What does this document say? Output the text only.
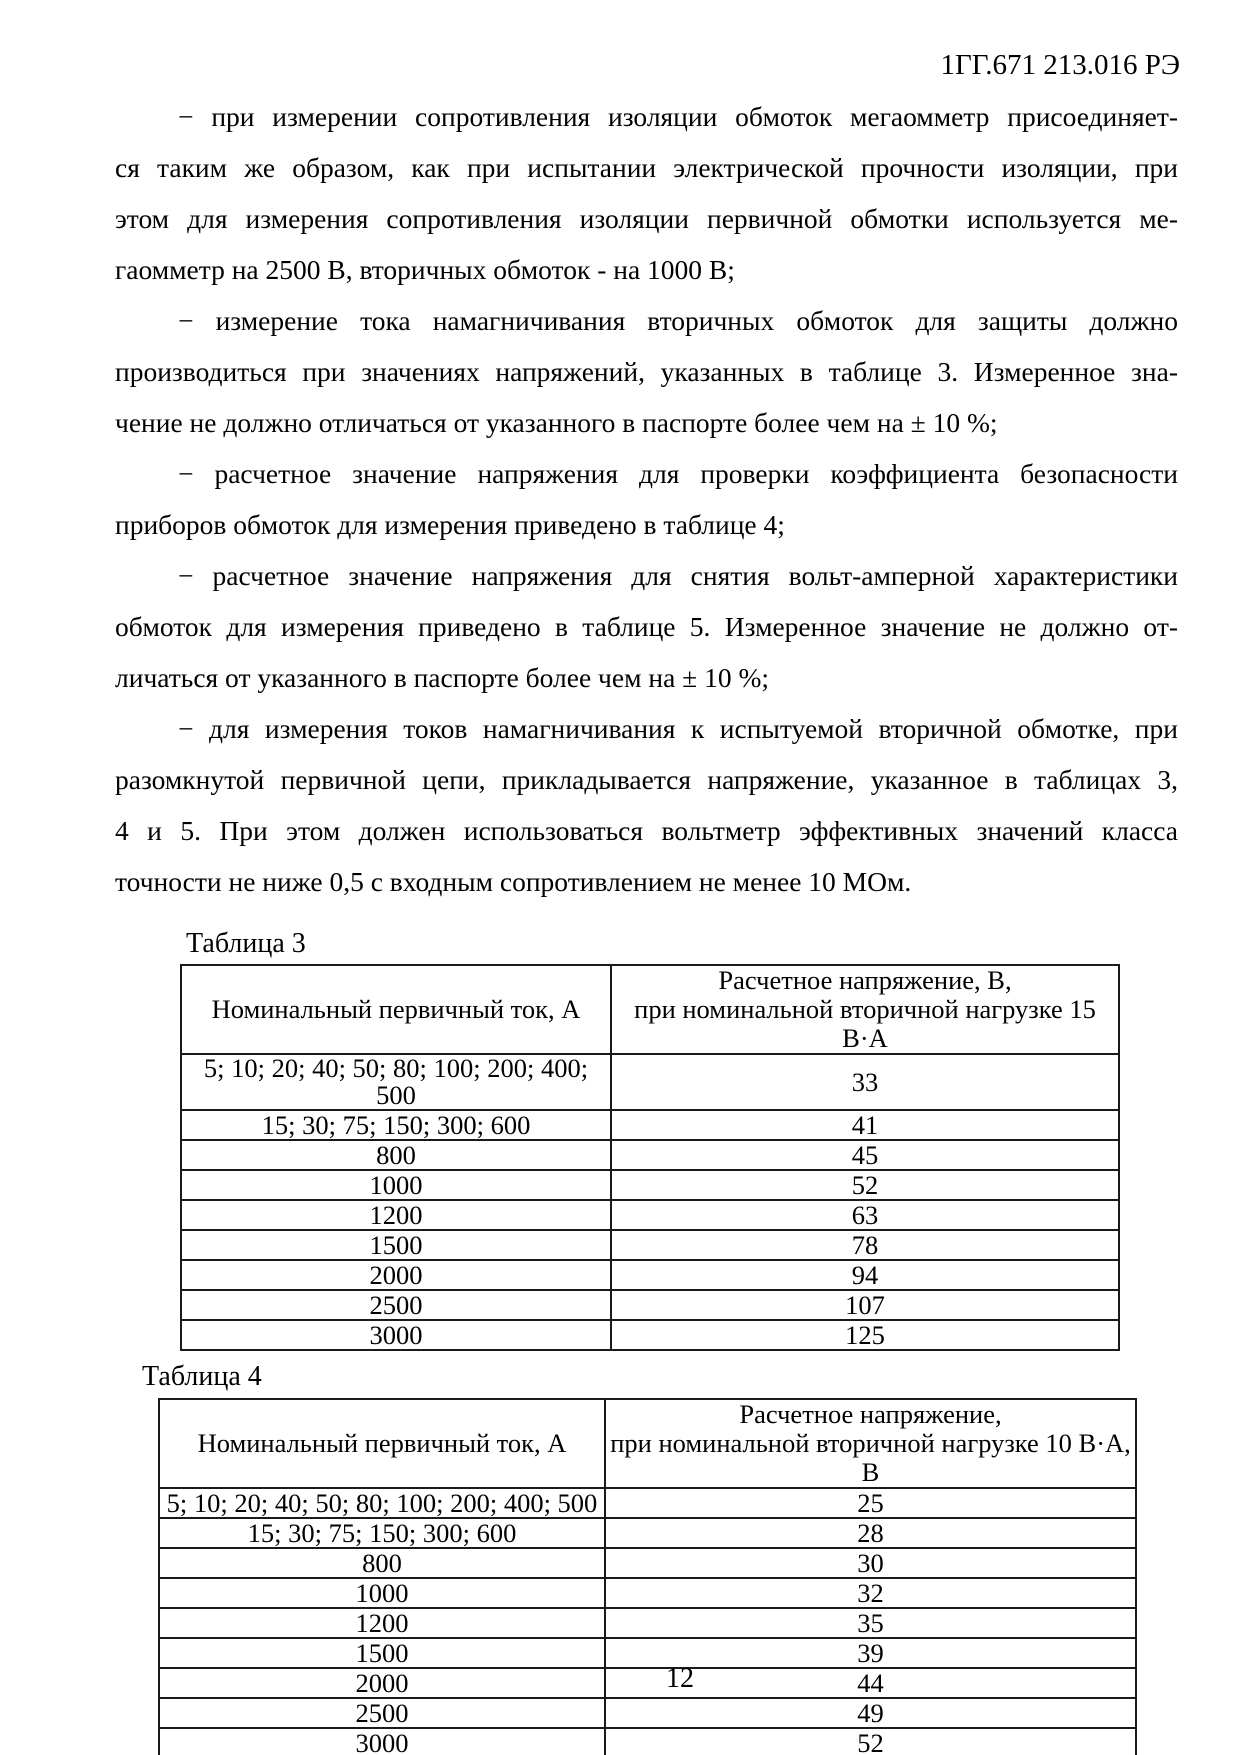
1ГГ.671 213.016 РЭ
− при измерении сопротивления изоляции обмоток мегаомметр присоединяет-
ся таким же образом, как при испытании электрической прочности изоляции, при
этом для измерения сопротивления изоляции первичной обмотки используется ме-
гаомметр на 2500 В, вторичных обмоток - на 1000 В;
− измерение тока намагничивания вторичных обмоток для защиты должно
производиться при значениях напряжений, указанных в таблице 3. Измеренное зна-
чение не должно отличаться от указанного в паспорте более чем на ± 10 %;
− расчетное значение напряжения для проверки коэффициента безопасности
приборов обмоток для измерения приведено в таблице 4;
− расчетное значение напряжения для снятия вольт-амперной характеристики
обмоток для измерения приведено в таблице 5. Измеренное значение не должно от-
личаться от указанного в паспорте более чем на ± 10 %;
− для измерения токов намагничивания к испытуемой вторичной обмотке, при
разомкнутой первичной цепи, прикладывается напряжение, указанное в таблицах 3,
4 и 5. При этом должен использоваться вольтметр эффективных значений класса
точности не ниже 0,5 с входным сопротивлением не менее 10 МОм.
Таблица 3
Номинальный первичный ток, А	Расчетное напряжение, В,
при номинальной вторичной нагрузке 15 В·А

5; 10; 20; 40; 50; 80; 100; 200; 400; 500	33
15; 30; 75; 150; 300; 600	41
800	45
1000	52
1200	63
1500	78
2000	94
2500	107
3000	125
Таблица 4
Номинальный первичный ток, А	Расчетное напряжение,
при номинальной вторичной нагрузке 10 В·А, В

5; 10; 20; 40; 50; 80; 100; 200; 400; 500	25
15; 30; 75; 150; 300; 600	28
800	30
1000	32
1200	35
1500	39
2000	44
2500	49
3000	52
12
